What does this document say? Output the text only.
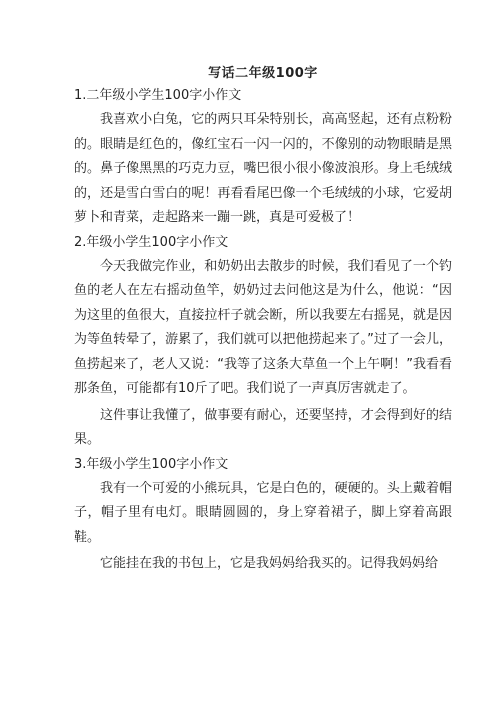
写话二年级100字
1.二年级小学生100字小作文
我喜欢小白兔，它的两只耳朵特别长，高高竖起，还有点粉粉的。眼睛是红色的，像红宝石一闪一闪的，不像别的动物眼睛是黑的。鼻子像黑黑的巧克力豆，嘴巴很小很小像波浪形。身上毛绒绒的，还是雪白雪白的呢！再看看尾巴像一个毛绒绒的小球，它爱胡萝卜和青菜，走起路来一蹦一跳，真是可爱极了！
2.年级小学生100字小作文
今天我做完作业，和奶奶出去散步的时候，我们看见了一个钓鱼的老人在左右摇动鱼竿，奶奶过去问他这是为什么，他说：“因为这里的鱼很大，直接拉杆子就会断，所以我要左右摇晃，就是因为等鱼转晕了，游累了，我们就可以把他捞起来了。”过了一会儿，鱼捞起来了，老人又说：“我等了这条大草鱼一个上午啊！”我看看那条鱼，可能都有10斤了吧。我们说了一声真厉害就走了。
这件事让我懂了，做事要有耐心，还要坚持，才会得到好的结果。
3.年级小学生100字小作文
我有一个可爱的小熊玩具，它是白色的，硬硬的。头上戴着帽子，帽子里有电灯。眼睛圆圆的，身上穿着裙子，脚上穿着高跟鞋。
它能挂在我的书包上，它是我妈妈给我买的。记得我妈妈给
